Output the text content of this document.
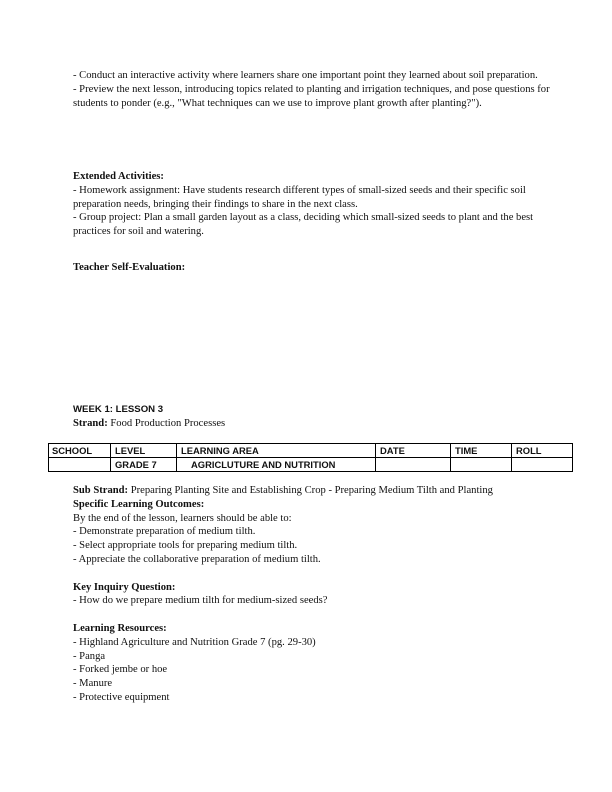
- Conduct an interactive activity where learners share one important point they learned about soil preparation.
- Preview the next lesson, introducing topics related to planting and irrigation techniques, and pose questions for students to ponder (e.g., "What techniques can we use to improve plant growth after planting?").
Extended Activities:
- Homework assignment: Have students research different types of small-sized seeds and their specific soil preparation needs, bringing their findings to share in the next class.
- Group project: Plan a small garden layout as a class, deciding which small-sized seeds to plant and the best practices for soil and watering.
Teacher Self-Evaluation:
WEEK 1: LESSON 3
Strand: Food Production Processes
SCHOOL	LEVEL	LEARNING AREA	DATE	TIME	ROLL
	GRADE 7	AGRICLUTURE AND NUTRITION			
Sub Strand: Preparing Planting Site and Establishing Crop - Preparing Medium Tilth and Planting
Specific Learning Outcomes:
By the end of the lesson, learners should be able to:
- Demonstrate preparation of medium tilth.
- Select appropriate tools for preparing medium tilth.
- Appreciate the collaborative preparation of medium tilth.
Key Inquiry Question:
- How do we prepare medium tilth for medium-sized seeds?
Learning Resources:
- Highland Agriculture and Nutrition Grade 7 (pg. 29-30)
- Panga
- Forked jembe or hoe
- Manure
- Protective equipment
